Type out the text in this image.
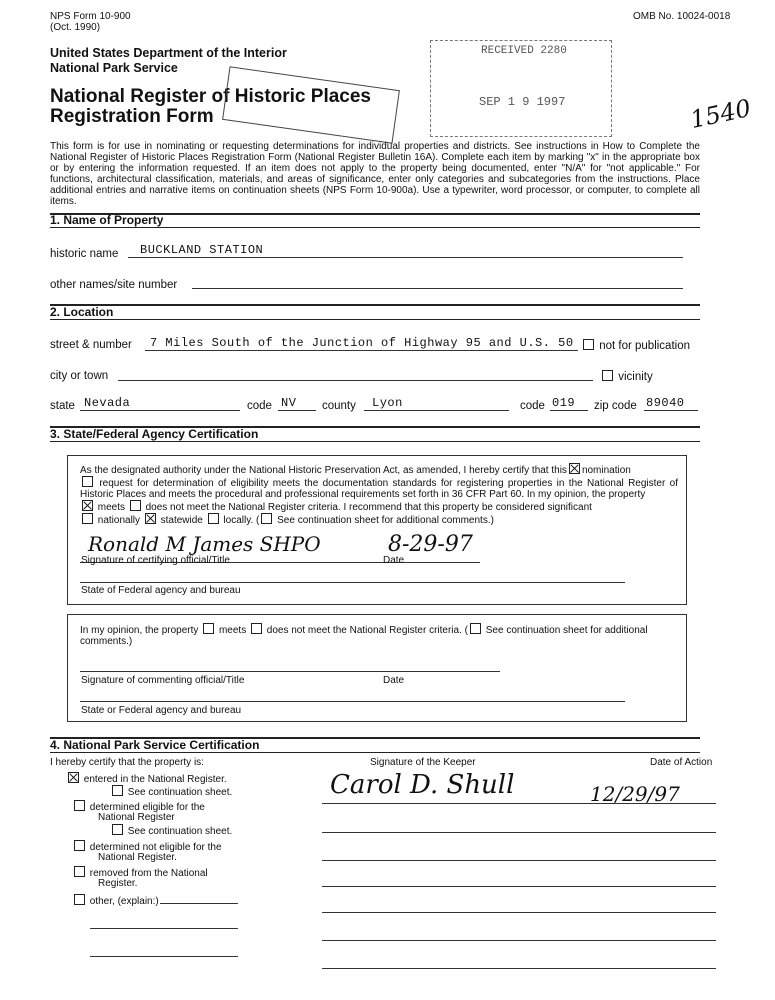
NPS Form 10-900
(Oct. 1990)
OMB No. 10024-0018
United States Department of the Interior
National Park Service
National Register of Historic Places
Registration Form
RECEIVED 2280
SEP 1 9 1997	1540
This form is for use in nominating or requesting determinations for individual properties and districts. See instructions in How to Complete the National Register of Historic Places Registration Form (National Register Bulletin 16A). Complete each item by marking "x" in the appropriate box or by entering the information requested. If an item does not apply to the property being documented, enter "N/A" for "not applicable." For functions, architectural classification, materials, and areas of significance, enter only categories and subcategories from the instructions. Place additional entries and narrative items on continuation sheets (NPS Form 10-900a). Use a typewriter, word processor, or computer, to complete all items.
1. Name of Property
historic name BUCKLAND STATION
other names/site number
2. Location
street & number 7 Miles South of the Junction of Highway 95 and U.S. 50	not for publication
city or town	vicinity
state Nevada	code NV county Lyon	code 019 zip code 89040
3. State/Federal Agency Certification
As the designated authority under the National Historic Preservation Act, as amended, I hereby certify that this nomination
request for determination of eligibility meets the documentation standards for registering properties in the National Register of Historic Places and meets the procedural and professional requirements set forth in 36 CFR Part 60. In my opinion, the property
meets does not meet the National Register criteria. I recommend that this property be considered significant
nationally statewide locally. ( See continuation sheet for additional comments.)
Ronald M James SHPO	8-29-97
Signature of certifying official/Title	Date
State of Federal agency and bureau
In my opinion, the property meets does not meet the National Register criteria. ( See continuation sheet for additional comments.)
Signature of commenting official/Title	Date
State or Federal agency and bureau
4. National Park Service Certification
I hereby certify that the property is:	Signature of the Keeper	Date of Action
entered in the National Register.
See continuation sheet.
determined eligible for the
National Register
See continuation sheet.
determined not eligible for the
National Register.
removed from the National
Register.
other, (explain:)
Carol D. Shull	12/29/97
